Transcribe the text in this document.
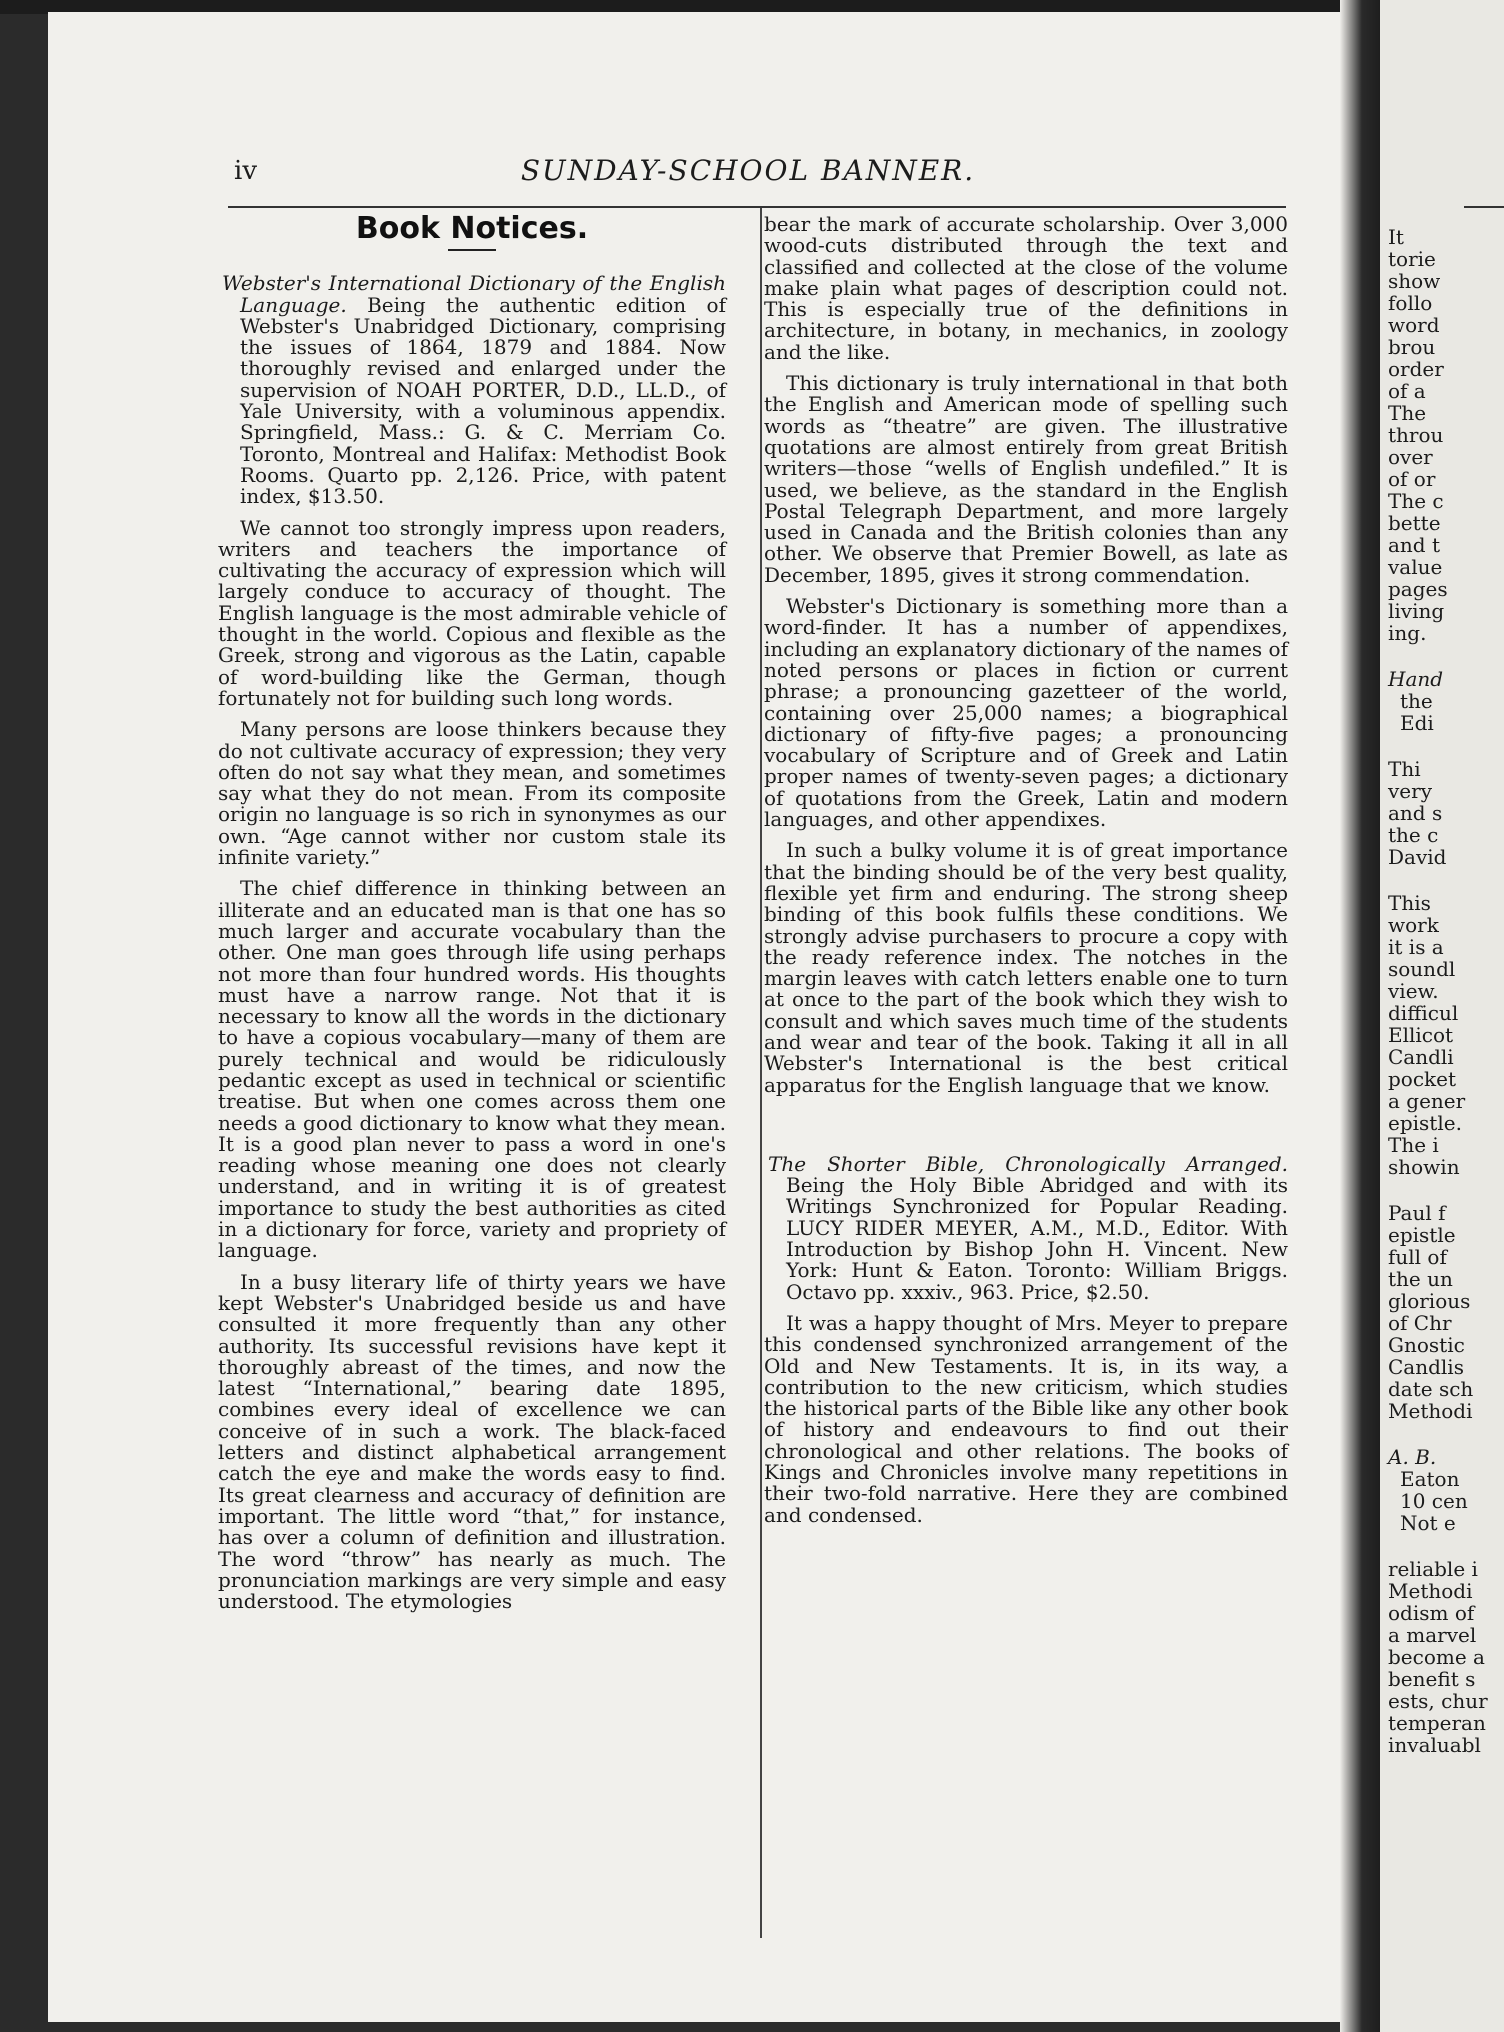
iv	SUNDAY-SCHOOL BANNER.
Book Notices.

Webster's International Dictionary of the English Language. Being the authentic edition of Webster's Unabridged Dictionary, comprising the issues of 1864, 1879 and 1884. Now thoroughly revised and enlarged under the supervision of NOAH PORTER, D.D., LL.D., of Yale University, with a voluminous appendix. Springfield, Mass.: G. & C. Merriam Co. Toronto, Montreal and Halifax: Methodist Book Rooms. Quarto pp. 2,126. Price, with patent index, $13.50.

We cannot too strongly impress upon readers, writers and teachers the importance of cultivating the accuracy of expression which will largely conduce to accuracy of thought. The English language is the most admirable vehicle of thought in the world. Copious and flexible as the Greek, strong and vigorous as the Latin, capable of word-building like the German, though fortunately not for building such long words.

Many persons are loose thinkers because they do not cultivate accuracy of expression; they very often do not say what they mean, and sometimes say what they do not mean. From its composite origin no language is so rich in synonymes as our own. “Age cannot wither nor custom stale its infinite variety.”

The chief difference in thinking between an illiterate and an educated man is that one has so much larger and accurate vocabulary than the other. One man goes through life using perhaps not more than four hundred words. His thoughts must have a narrow range. Not that it is necessary to know all the words in the dictionary to have a copious vocabulary—many of them are purely technical and would be ridiculously pedantic except as used in technical or scientific treatise. But when one comes across them one needs a good dictionary to know what they mean. It is a good plan never to pass a word in one's reading whose meaning one does not clearly understand, and in writing it is of greatest importance to study the best authorities as cited in a dictionary for force, variety and propriety of language.

In a busy literary life of thirty years we have kept Webster's Unabridged beside us and have consulted it more frequently than any other authority. Its successful revisions have kept it thoroughly abreast of the times, and now the latest “International,” bearing date 1895, combines every ideal of excellence we can conceive of in such a work. The black-faced letters and distinct alphabetical arrangement catch the eye and make the words easy to find. Its great clearness and accuracy of definition are important. The little word “that,” for instance, has over a column of definition and illustration. The word “throw” has nearly as much. The pronunciation markings are very simple and easy understood. The etymologies

bear the mark of accurate scholarship. Over 3,000 wood-cuts distributed through the text and classified and collected at the close of the volume make plain what pages of description could not. This is especially true of the definitions in architecture, in botany, in mechanics, in zoology and the like.

This dictionary is truly international in that both the English and American mode of spelling such words as “theatre” are given. The illustrative quotations are almost entirely from great British writers—those “wells of English undefiled.” It is used, we believe, as the standard in the English Postal Telegraph Department, and more largely used in Canada and the British colonies than any other. We observe that Premier Bowell, as late as December, 1895, gives it strong commendation.

Webster's Dictionary is something more than a word-finder. It has a number of appendixes, including an explanatory dictionary of the names of noted persons or places in fiction or current phrase; a pronouncing gazetteer of the world, containing over 25,000 names; a biographical dictionary of fifty-five pages; a pronouncing vocabulary of Scripture and of Greek and Latin proper names of twenty-seven pages; a dictionary of quotations from the Greek, Latin and modern languages, and other appendixes.

In such a bulky volume it is of great importance that the binding should be of the very best quality, flexible yet firm and enduring. The strong sheep binding of this book fulfils these conditions. We strongly advise purchasers to procure a copy with the ready reference index. The notches in the margin leaves with catch letters enable one to turn at once to the part of the book which they wish to consult and which saves much time of the students and wear and tear of the book. Taking it all in all Webster's International is the best critical apparatus for the English language that we know.

The Shorter Bible, Chronologically Arranged. Being the Holy Bible Abridged and with its Writings Synchronized for Popular Reading. LUCY RIDER MEYER, A.M., M.D., Editor. With Introduction by Bishop John H. Vincent. New York: Hunt & Eaton. Toronto: William Briggs. Octavo pp. xxxiv., 963. Price, $2.50.

It was a happy thought of Mrs. Meyer to prepare this condensed synchronized arrangement of the Old and New Testaments. It is, in its way, a contribution to the new criticism, which studies the historical parts of the Bible like any other book of history and endeavours to find out their chronological and other relations. The books of Kings and Chronicles involve many repetitions in their two-fold narrative. Here they are combined and condensed.

It
torie
show
follo
word
brou
order
of a
The
throu
over
of or
The c
bette
and t
value
pages
living
ing.
Hand
the
Edi
Thi
very
and s
the c
David
This
work
it is a
soundl
view.
difficul
Ellicot
Candli
pocket
a gener
epistle.
The i
showin
Paul f
epistle
full of
the un
glorious
of Chr
Gnostic
Candlis
date sch
Methodi
A. B.
Eaton
10 cen
Not e
reliable i
Methodi
odism of
a marvel
become a
benefit s
ests, chur
temperan
invaluabl
